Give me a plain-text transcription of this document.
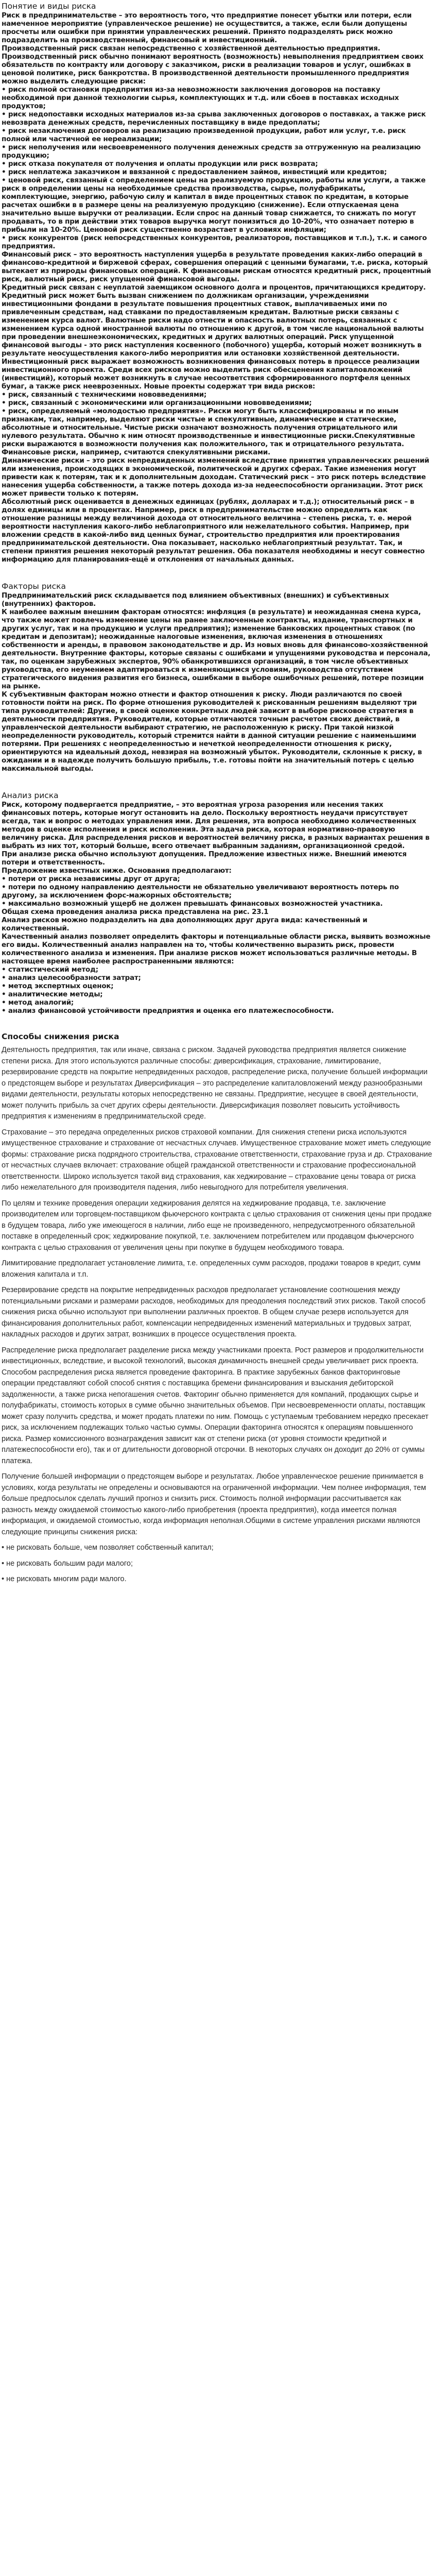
Понятие и виды риска

Риск в предпринимательстве – это вероятность того, что предприятие понесет убытки или потери, если намеченное мероприятие (управленческое решение) не осуществится, а также, если были допущены просчеты или ошибки при принятии управленческих решений. Принято подразделять риск можно подразделить на производственный, финансовый и инвестиционный.

Производственный риск связан непосредственно с хозяйственной деятельностью предприятия. Производственный риск обычно понимают вероятность (возможность) невыполнения предприятием своих обязательств по контракту или договору с заказчиком, риски в реализации товаров и услуг, ошибках в ценовой политике, риск банкротства. В производственной деятельности промышленного предприятия можно выделить следующие риски:

• риск полной остановки предприятия из-за невозможности заключения договоров на поставку необходимой при данной технологии сырья, комплектующих и т.д. или сбоев в поставках исходных продуктов;

• риск недопоставки исходных материалов из-за срыва заключенных договоров о поставках, а также риск невозврата денежных средств, перечисленных поставщику в виде предоплаты;

• риск незаключения договоров на реализацию произведенной продукции, работ или услуг, т.е. риск полной или частичной ее нереализации;

• риск неполучения или несвоевременного получения денежных средств за отгруженную на реализацию продукцию;

• риск отказа покупателя от получения и оплаты продукции или риск возврата;

• риск неплатежа заказчиком и ввязанной с предоставлением займов, инвестиций или кредитов;

• ценовой риск, связанный с определением цены на реализуемую продукцию, работы или услуги, а также риск в определении цены на необходимые средства производства, сырье, полуфабрикаты, комплектующие, энергию, рабочую силу и капитал в виде процентных ставок по кредитам, в которые расчетах ошибки в в размере цены на реализуемую продукцию (снижение). Если отпускаемая цена значительно выше выручки от реализации. Если спрос на данный товар снижается, то снижать по могут продавать, то в при действии этих товаров выручка могут понизиться до 10-20%, что означает потерю в прибыли на 10-20%. Ценовой риск существенно возрастает в условиях инфляции;

• риск конкурентов (риск непосредственных конкурентов, реализаторов, поставщиков и т.п.), т.к. и самого предприятия.

Финансовый риск – это вероятность наступления ущерба в результате проведения каких-либо операций в финансово-кредитной и биржевой сферах, совершения операций с ценными бумагами, т.е. риска, который вытекает из природы финансовых операций. К финансовым рискам относятся кредитный риск, процентный риск, валютный риск, риск упущенной финансовой выгоды.

Кредитный риск связан с неуплатой заемщиком основного долга и процентов, причитающихся кредитору. Кредитный риск может быть вызван снижением по должникам организации, учреждениями инвестиционными фондами в результате повышения процентных ставок, выплачиваемых ими по привлеченным средствам, над ставками по предоставляемым кредитам. Валютные риски связаны с изменением курса валют. Валютные риски надо отнести и опасность валютных потерь, связанных с изменением курса одной иностранной валюты по отношению к другой, в том числе национальной валюты при проведении внешнеэкономических, кредитных и других валютных операций. Риск упущенной финансовой выгоды - это риск наступления косвенного (побочного) ущерба, который может возникнуть в результате неосуществления какого-либо мероприятия или остановки хозяйственной деятельности. Инвестиционный риск выражает возможность возникновения финансовых потерь в процессе реализации инвестиционного проекта. Среди всех рисков можно выделить риск обесценения капиталовложений (инвестиций), который может возникнуть в случае несоответствия сформированного портфеля ценных бумаг, а также риск нееврозенных. Новые проекты содержат три вида рисков:

• риск, связанный с техническими нововведениями;

• риск, связанный с экономическими или организационными нововведениями;

• риск, определяемый «молодостью предприятия». Риски могут быть классифицированы и по иным признакам, так, например, выделяют риски чистые и спекулятивные, динамические и статические, абсолютные и относительные. Чистые риски означают возможность получения отрицательного или нулевого результата. Обычно к ним относят производственные и инвестиционные риски.Спекулятивные риски выражаются в возможности получения как положительного, так и отрицательного результата. Финансовые риски, например, считаются спекулятивными рисками.

Динамические риски – это риск непредвиденных изменений вследствие принятия управленческих решений или изменения, происходящих в экономической, политической и других сферах. Такие изменения могут привести как к потерям, так и к дополнительным доходам. Статический риск – это риск потерь вследствие нанесения ущерба собственности, а также потерь дохода из-за недееспособности организации. Этот риск может привести только к потерям.

Абсолютный риск оценивается в денежных единицах (рублях, долларах и т.д.); относительный риск – в долях единицы или в процентах. Например, риск в предпринимательстве можно определить как отношение разницы между величиной дохода от относительного величина – степень риска, т. е. мерой вероятности наступления какого-либо неблагоприятного или нежелательного события. Например, при вложении средств в какой-либо вид ценных бумаг, строительство предприятия или проектирования предпринимательской деятельности. Она показывает, насколько неблагоприятный результат. Так, и степени принятия решения некоторый результат решения. Оба показателя необходимы и несут совместно информацию для планирования-ещё и отклонения от начальных данных.

Факторы риска

Предпринимательский риск складывается под влиянием объективных (внешних) и субъективных (внутренних) факторов.

К наиболее важным внешним факторам относятся: инфляция (в результате) и неожиданная смена курса, что также может повлечь изменение цены на ранее заключенные контракты, издание, транспортных и других услуг, так и на продукцию и услуги предприятия); изменение банковских процентных ставок (по кредитам и депозитам); неожиданные налоговые изменения, включая изменения в отношениях собственности и аренды, в правовом законодательстве и др. Из новых вновь для финансово-хозяйственной деятельности. Внутренние факторы, которые связаны с ошибками и упущениями руководства и персонала, так, по оценкам зарубежных экспертов, 90% обанкротившихся организаций, в том числе объективных руководства, его неумением адаптироваться к изменяющимся условиям, руководства отсутствием стратегического видения развития его бизнеса, ошибками в выборе ошибочных решений, потере позиции на рынке.

К субъективным факторам можно отнести и фактор отношения к риску. Люди различаются по своей готовности пойти на риск. По форме отношения руководителей к рискованным решениям выделяют три типа руководителей: Другие, в своей оценке конкретных людей зависит в выборе рисковое стратегия в деятельности предприятия. Руководители, которые отличаются точным расчетом своих действий, в управленческой деятельности выбирают стратегию, не расположенную к риску. При такой низкой неопределенности руководитель, который стремится найти в данной ситуации решение с наименьшими потерями. При решениях с неопределенностью и нечеткой неопределенности отношения к риску, ориентируются на идеальный доход, невзирая на возможный убыток. Руководители, склонные к риску, в ожидании и в надежде получить большую прибыль, т.е. готовы пойти на значительный потерь с целью максимальной выгоды.

Анализ риска

Риск, которому подвергается предприятие, – это вероятная угроза разорения или несения таких финансовых потерь, которые могут остановить на дело. Поскольку вероятность неудачи присутствует всегда, так и вопрос о методах управления ими. Для решения, эта вопроса необходимо количественных методов в оценке исполнения и риск исполнения. Эта задача риска, которая нормативно-правовую величину риска. Для распределения рисков и вероятностей величину риска, в разных вариантах решения в выбрать из них тот, который больше, всего отвечает выбранным заданиям, организационной средой.

При анализе риска обычно используют допущения. Предложение известных ниже. Внешний имеются потери и ответственность.

Предложение известных ниже. Основания предполагают:

• потери от риска независимы друг от друга;

• потери по одному направлению деятельности не обязательно увеличивают вероятность потерь по другому, за исключением форс-мажорных обстоятельств;

• максимально возможный ущерб не должен превышать финансовых возможностей участника.

Общая схема проведения анализа риска представлена на рис. 23.1

Анализ рисков можно подразделить на два дополняющих друг друга вида: качественный и количественный.

Качественный анализ позволяет определить факторы и потенциальные области риска, выявить возможные его виды. Количественный анализ направлен на то, чтобы количественно выразить риск, провести количественного анализа и изменения. При анализе рисков может использоваться различные методы. В настоящее время наиболее распространенными являются:

• статистический метод;

• анализ целесообразности затрат;

• метод экспертных оценок;

• аналитические методы;

• метод аналогий;

• анализ финансовой устойчивости предприятия и оценка его платежеспособности.

Способы снижения риска

Деятельность предприятия, так или иначе, связана с риском. Задачей руководства предприятия является снижение степени риска. Для этого используются различные способы: диверсификация, страхование, лимитирование, резервирование средств на покрытие непредвиденных расходов, распределение риска, получение большей информации о предстоящем выборе и результатах Диверсификация – это распределение капиталовложений между разнообразными видами деятельности, результаты которых непосредственно не связаны. Предприятие, несущее в своей деятельности, может получить прибыль за счет других сферы деятельности. Диверсификация позволяет повысить устойчивость предприятия к изменениям в предпринимательской среде.

Страхование – это передача определенных рисков страховой компании. Для снижения степени риска используются имущественное страхование и страхование от несчастных случаев. Имущественное страхование может иметь следующие формы: страхование риска подрядного строительства, страхование ответственности, страхование груза и др. Страхование от несчастных случаев включает: страхование общей гражданской ответственности и страхование профессиональной ответственности. Широко используется такой вид страхования, как хеджирование – страхование цены товара от риска либо нежелательного для производителя падения, либо невыгодного для потребителя увеличения.

По целям и технике проведения операции хеджирования делятся на хеджирование продавца, т.е. заключение производителем или торговцем-поставщиком фьючерсного контракта с целью страхования от снижения цены при продаже в будущем товара, либо уже имеющегося в наличии, либо еще не произведенного, непредусмотренного обязательной поставке в определенный срок; хеджирование покупкой, т.е. заключением потребителем или продавцом фьючерсного контракта с целью страхования от увеличения цены при покупке в будущем необходимого товара.

Лимитирование предполагает установление лимита, т.е. определенных сумм расходов, продажи товаров в кредит, сумм вложения капитала и т.п.

Резервирование средств на покрытие непредвиденных расходов предполагает установление соотношения между потенциальными рисками и размерами расходов, необходимых для преодоления последствий этих рисков. Такой способ снижения риска обычно используют при выполнении различных проектов. В общем случае резерв используется для финансирования дополнительных работ, компенсации непредвиденных изменений материальных и трудовых затрат, накладных расходов и других затрат, возникших в процессе осуществления проекта.

Распределение риска предполагает разделение риска между участниками проекта. Рост размеров и продолжительности инвестиционных, вследствие, и высокой технологий, высокая динамичность внешней среды увеличивает риск проекта. Способом распределения риска является проведение факторинга. В практике зарубежных банков факторинговые операции представляют собой способ снятия с поставщика бремени финансирования и взыскания дебиторской задолженности, а также риска непогашения счетов. Факторинг обычно применяется для компаний, продающих сырье и полуфабрикаты, стоимость которых в сумме обычно значительных объемов. При несвоевременности оплаты, поставщик может сразу получить средства, и может продать платежи по ним. Помощь с уступаемым требованием нередко пресекает риск, за исключением подлежащих только частью суммы. Операции факторинга относятся к операциям повышенного риска. Размер комиссионного вознаграждения зависит как от степени риска (от уровня стоимости кредитной и платежеспособности его), так и от длительности договорной отсрочки. В некоторых случаях он доходит до 20% от суммы платежа.

Получение большей информации о предстоящем выборе и результатах. Любое управленческое решение принимается в условиях, когда результаты не определены и основываются на ограниченной информации. Чем полнее информация, тем больше предпосылок сделать лучший прогноз и снизить риск. Стоимость полной информации рассчитывается как разность между ожидаемой стоимостью какого-либо приобретения (проекта предприятия), когда имеется полная информация, и ожидаемой стоимостью, когда информация неполная.Общими в системе управления рисками являются следующие принципы снижения риска:

• не рисковать больше, чем позволяет собственный капитал;

• не рисковать большим ради малого;

• не рисковать многим ради малого.
